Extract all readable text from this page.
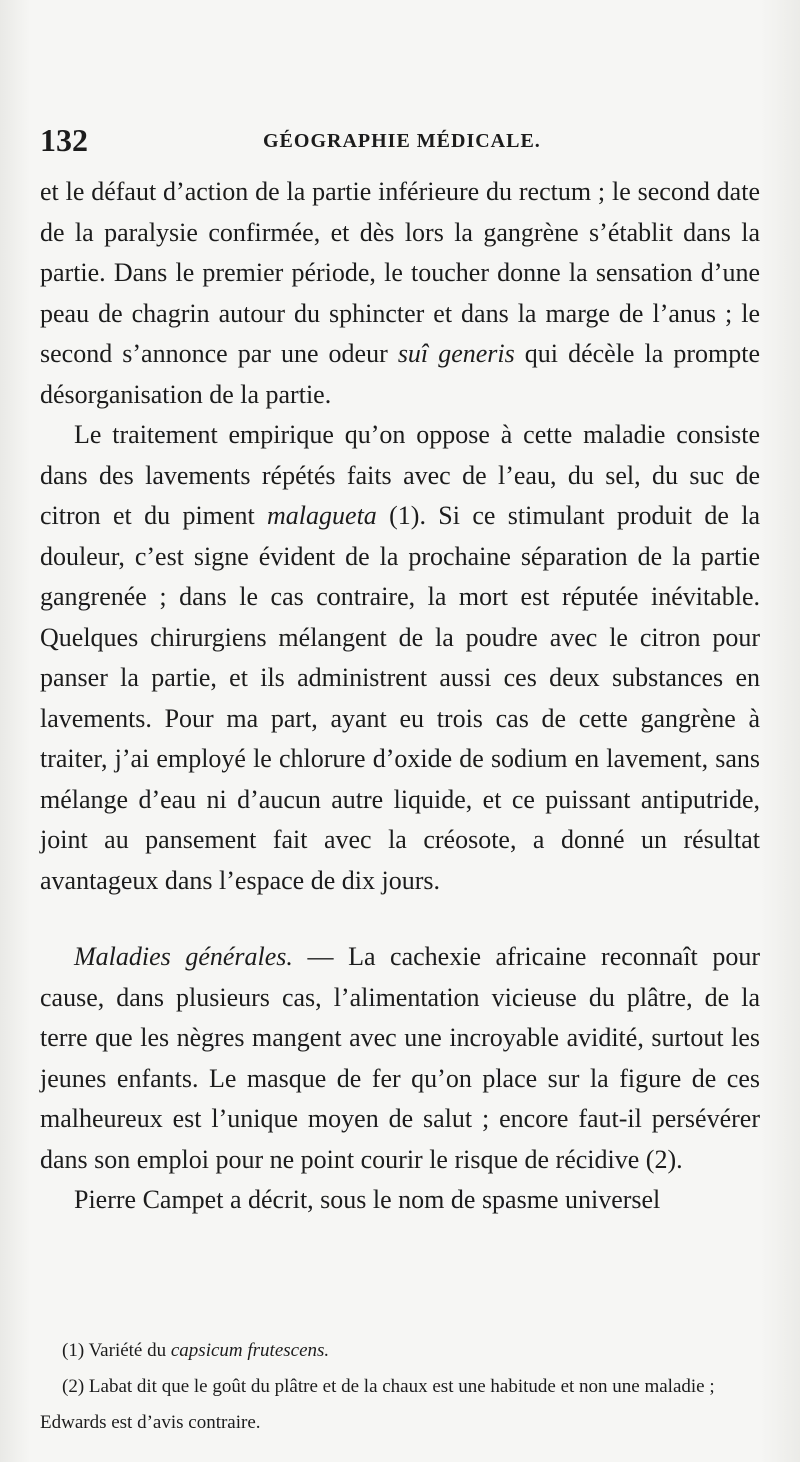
132	GÉOGRAPHIE MÉDICALE.

et le défaut d’action de la partie inférieure du rectum ; le second date de la paralysie confirmée, et dès lors la gangrène s’établit dans la partie. Dans le premier période, le toucher donne la sensation d’une peau de chagrin autour du sphincter et dans la marge de l’anus ; le second s’annonce par une odeur suî generis qui décèle la prompte désorganisation de la partie.

Le traitement empirique qu’on oppose à cette maladie consiste dans des lavements répétés faits avec de l’eau, du sel, du suc de citron et du piment malagueta (1). Si ce stimulant produit de la douleur, c’est signe évident de la prochaine séparation de la partie gangrenée ; dans le cas contraire, la mort est réputée inévitable. Quelques chirurgiens mélangent de la poudre avec le citron pour panser la partie, et ils administrent aussi ces deux substances en lavements. Pour ma part, ayant eu trois cas de cette gangrène à traiter, j’ai employé le chlorure d’oxide de sodium en lavement, sans mélange d’eau ni d’aucun autre liquide, et ce puissant antiputride, joint au pansement fait avec la créosote, a donné un résultat avantageux dans l’espace de dix jours.

Maladies générales. — La cachexie africaine reconnaît pour cause, dans plusieurs cas, l’alimentation vicieuse du plâtre, de la terre que les nègres mangent avec une incroyable avidité, surtout les jeunes enfants. Le masque de fer qu’on place sur la figure de ces malheureux est l’unique moyen de salut ; encore faut-il persévérer dans son emploi pour ne point courir le risque de récidive (2).

Pierre Campet a décrit, sous le nom de spasme universel

(1) Variété du capsicum frutescens.

(2) Labat dit que le goût du plâtre et de la chaux est une habitude et non une maladie ; Edwards est d’avis contraire.
